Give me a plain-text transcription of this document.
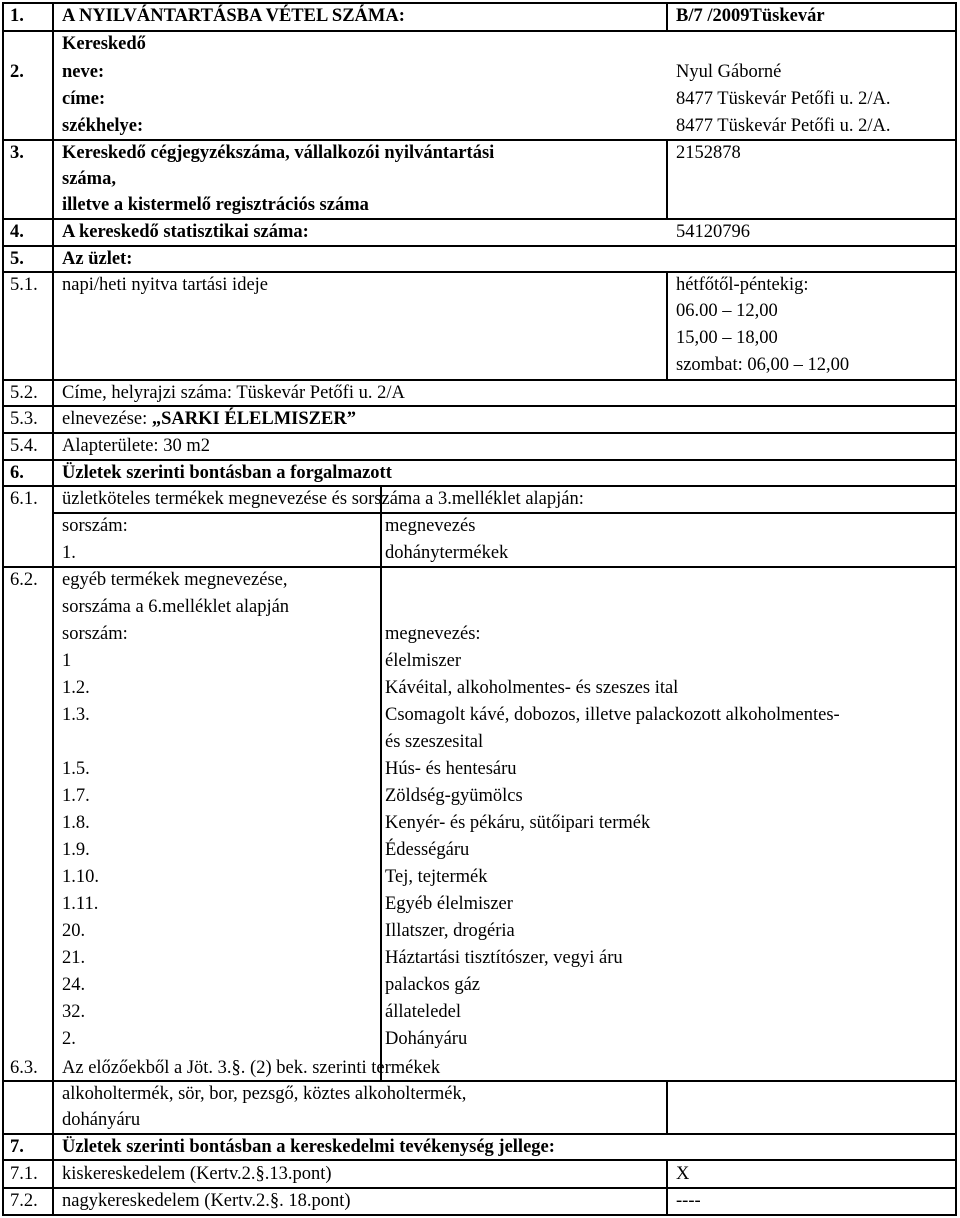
1. A NYILVÁNTARTÁSBA VÉTEL SZÁMA:	B/7 /2009Tüskevár
Kereskedő
2. neve:	Nyul Gáborné
címe:	8477 Tüskevár Petőfi u. 2/A.
székhelye:	8477 Tüskevár Petőfi u. 2/A.
3. Kereskedő cégjegyzékszáma, vállalkozói nyilvántartási
száma,
illetve a kistermelő regisztrációs száma
2152878
4. A kereskedő statisztikai száma:	54120796
5. Az üzlet:
5.1. napi/heti nyitva tartási ideje	hétfőtől-péntekig:
06.00 – 12,00
15,00 – 18,00
szombat: 06,00 – 12,00
5.2. Címe, helyrajzi száma: Tüskevár Petőfi u. 2/A
5.3. elnevezése: „SARKI ÉLELMISZER”
5.4. Alapterülete: 30 m2
6. Üzletek szerinti bontásban a forgalmazott
6.1. üzletköteles termékek megnevezése és sorszáma a 3.melléklet alapján:
sorszám:	megnevezés
1.	dohánytermékek
6.2. egyéb termékek megnevezése,
sorszáma a 6.melléklet alapján
sorszám:	megnevezés:
1	élelmiszer
1.2.	Kávéital, alkoholmentes- és szeszes ital
1.3.	Csomagolt kávé, dobozos, illetve palackozott alkoholmentes-
és szeszesital
1.5.	Hús- és hentesáru
1.7.	Zöldség-gyümölcs
1.8.	Kenyér- és pékáru, sütőipari termék
1.9.	Édességáru
1.10.	Tej, tejtermék
1.11.	Egyéb élelmiszer
20.	Illatszer, drogéria
21.	Háztartási tisztítószer, vegyi áru
24.	palackos gáz
32.	állateledel
2.	Dohányáru
6.3. Az előzőekből a Jöt. 3.§. (2) bek. szerinti termékek
alkoholtermék, sör, bor, pezsgő, köztes alkoholtermék,
dohányáru
7. Üzletek szerinti bontásban a kereskedelmi tevékenység jellege:
7.1. kiskereskedelem (Kertv.2.§.13.pont)	X
7.2. nagykereskedelem (Kertv.2.§. 18.pont)	----
